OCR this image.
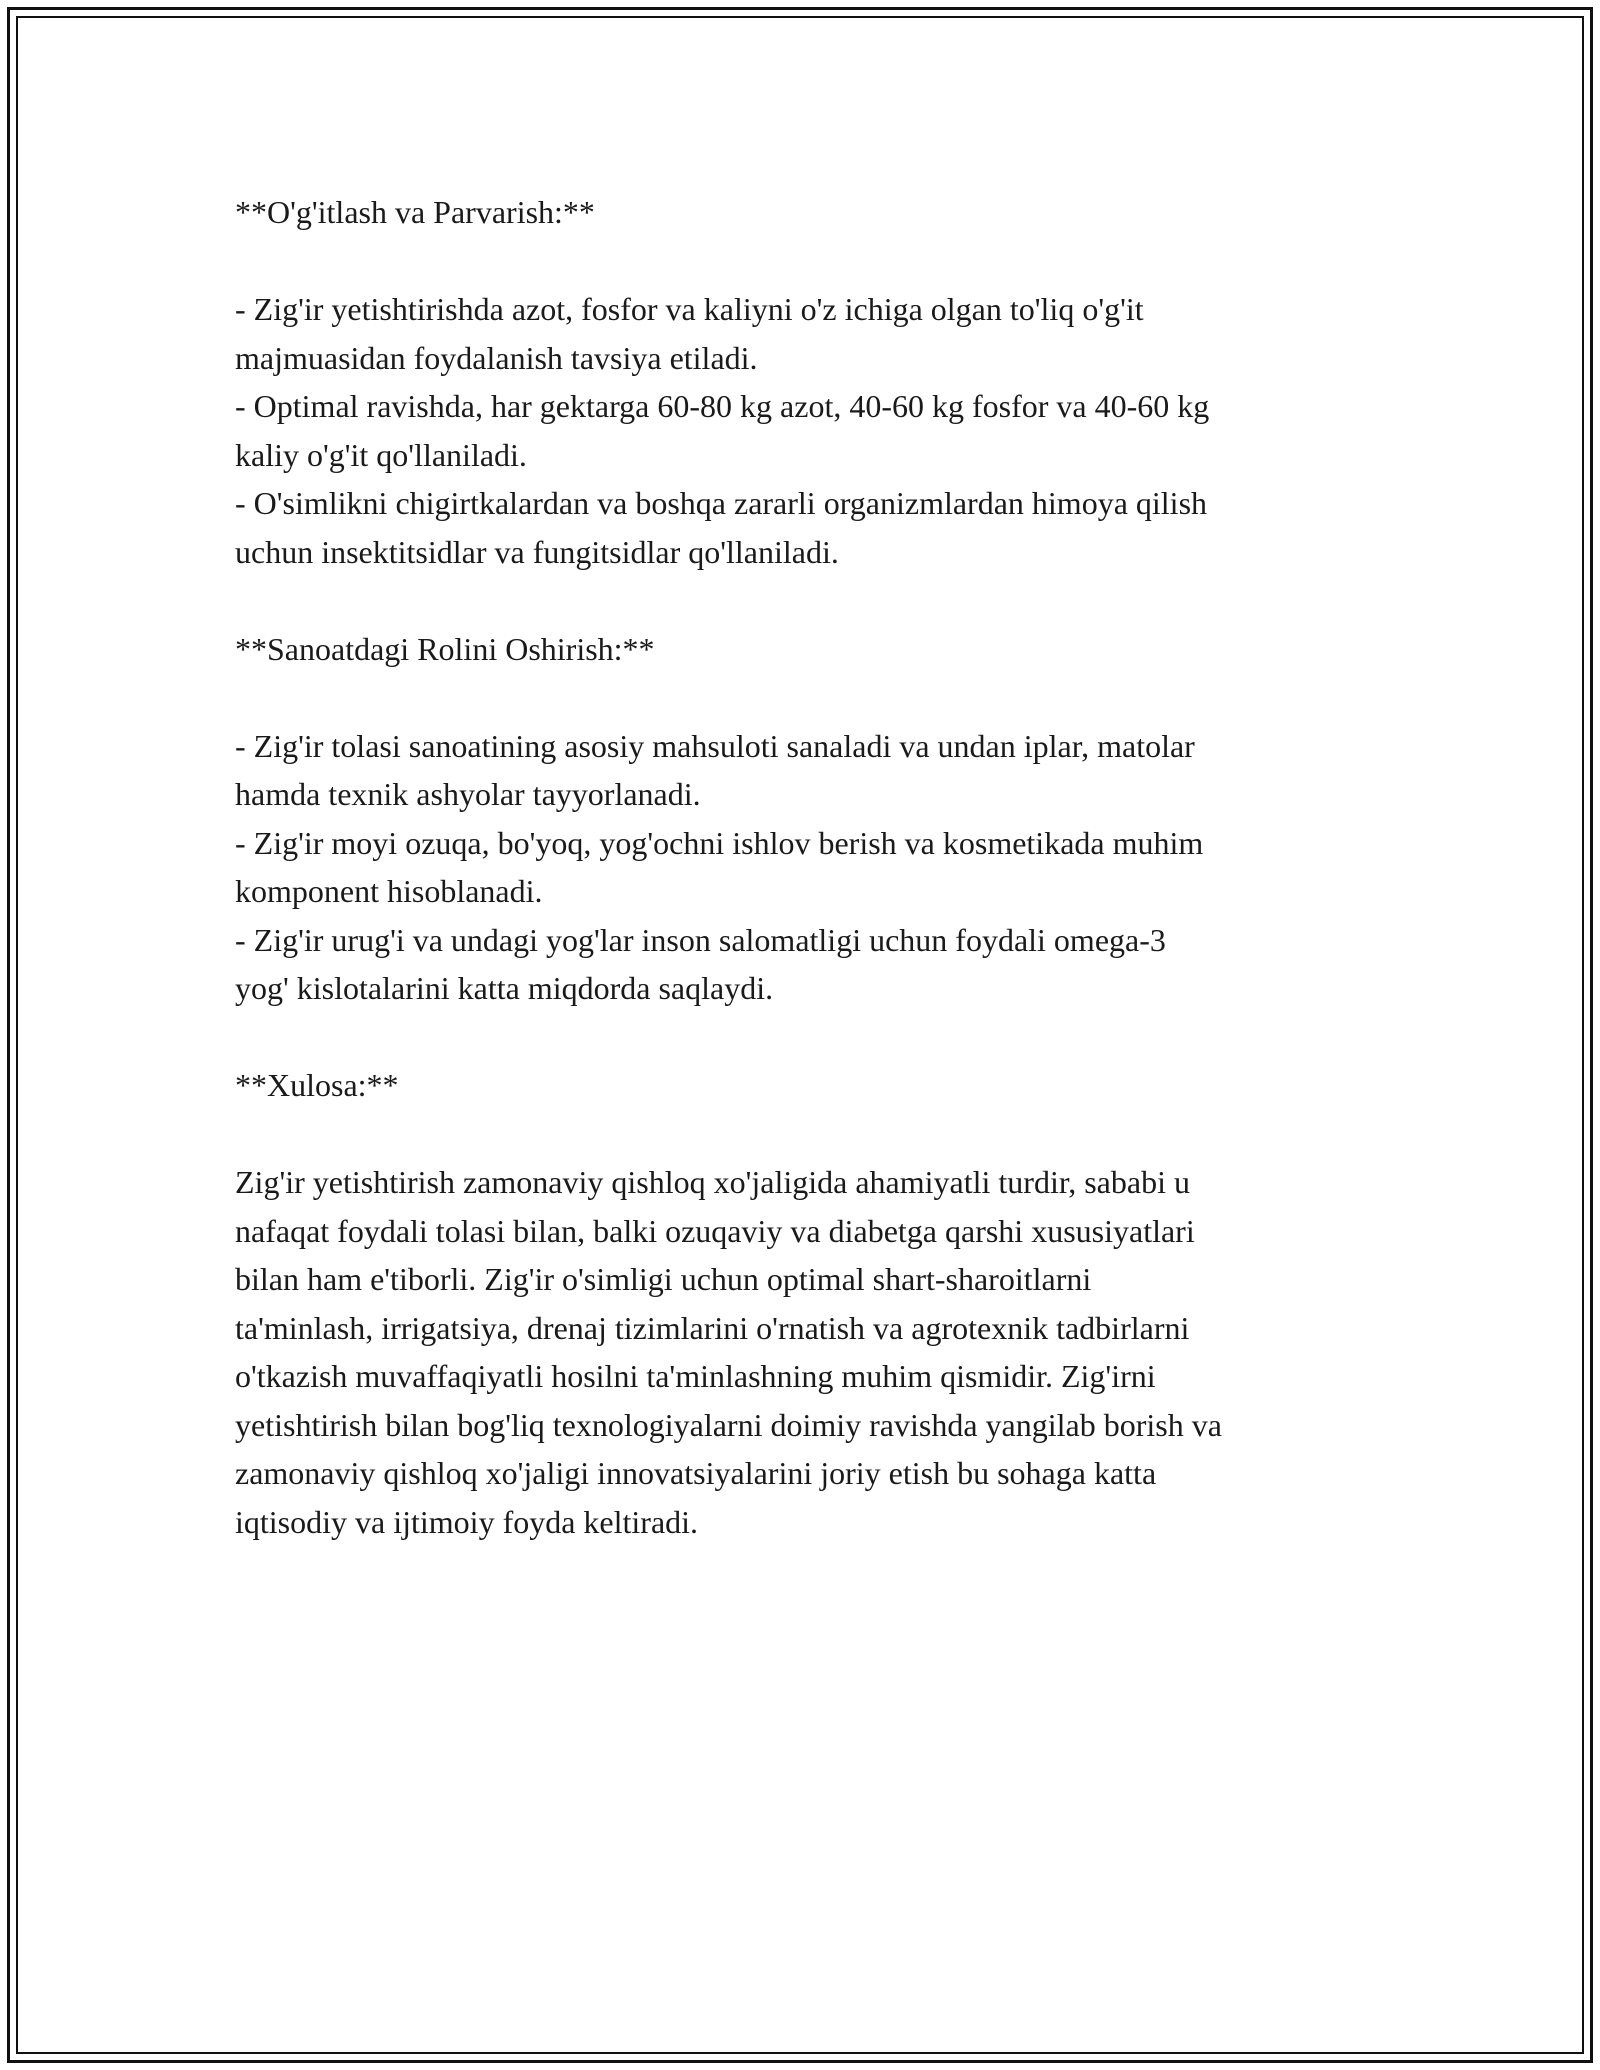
**O'g'itlash va Parvarish:**
- Zig'ir yetishtirishda azot, fosfor va kaliyni o'z ichiga olgan to'liq o'g'it
majmuasidan foydalanish tavsiya etiladi.
- Optimal ravishda, har gektarga 60-80 kg azot, 40-60 kg fosfor va 40-60 kg
kaliy o'g'it qo'llaniladi.
- O'simlikni chigirtkalardan va boshqa zararli organizmlardan himoya qilish
uchun insektitsidlar va fungitsidlar qo'llaniladi.
**Sanoatdagi Rolini Oshirish:**
- Zig'ir tolasi sanoatining asosiy mahsuloti sanaladi va undan iplar, matolar
hamda texnik ashyolar tayyorlanadi.
- Zig'ir moyi ozuqa, bo'yoq, yog'ochni ishlov berish va kosmetikada muhim
komponent hisoblanadi.
- Zig'ir urug'i va undagi yog'lar inson salomatligi uchun foydali omega-3
yog' kislotalarini katta miqdorda saqlaydi.
**Xulosa:**
Zig'ir yetishtirish zamonaviy qishloq xo'jaligida ahamiyatli turdir, sababi u
nafaqat foydali tolasi bilan, balki ozuqaviy va diabetga qarshi xususiyatlari
bilan ham e'tiborli. Zig'ir o'simligi uchun optimal shart-sharoitlarni
ta'minlash, irrigatsiya, drenaj tizimlarini o'rnatish va agrotexnik tadbirlarni
o'tkazish muvaffaqiyatli hosilni ta'minlashning muhim qismidir. Zig'irni
yetishtirish bilan bog'liq texnologiyalarni doimiy ravishda yangilab borish va
zamonaviy qishloq xo'jaligi innovatsiyalarini joriy etish bu sohaga katta
iqtisodiy va ijtimoiy foyda keltiradi.
